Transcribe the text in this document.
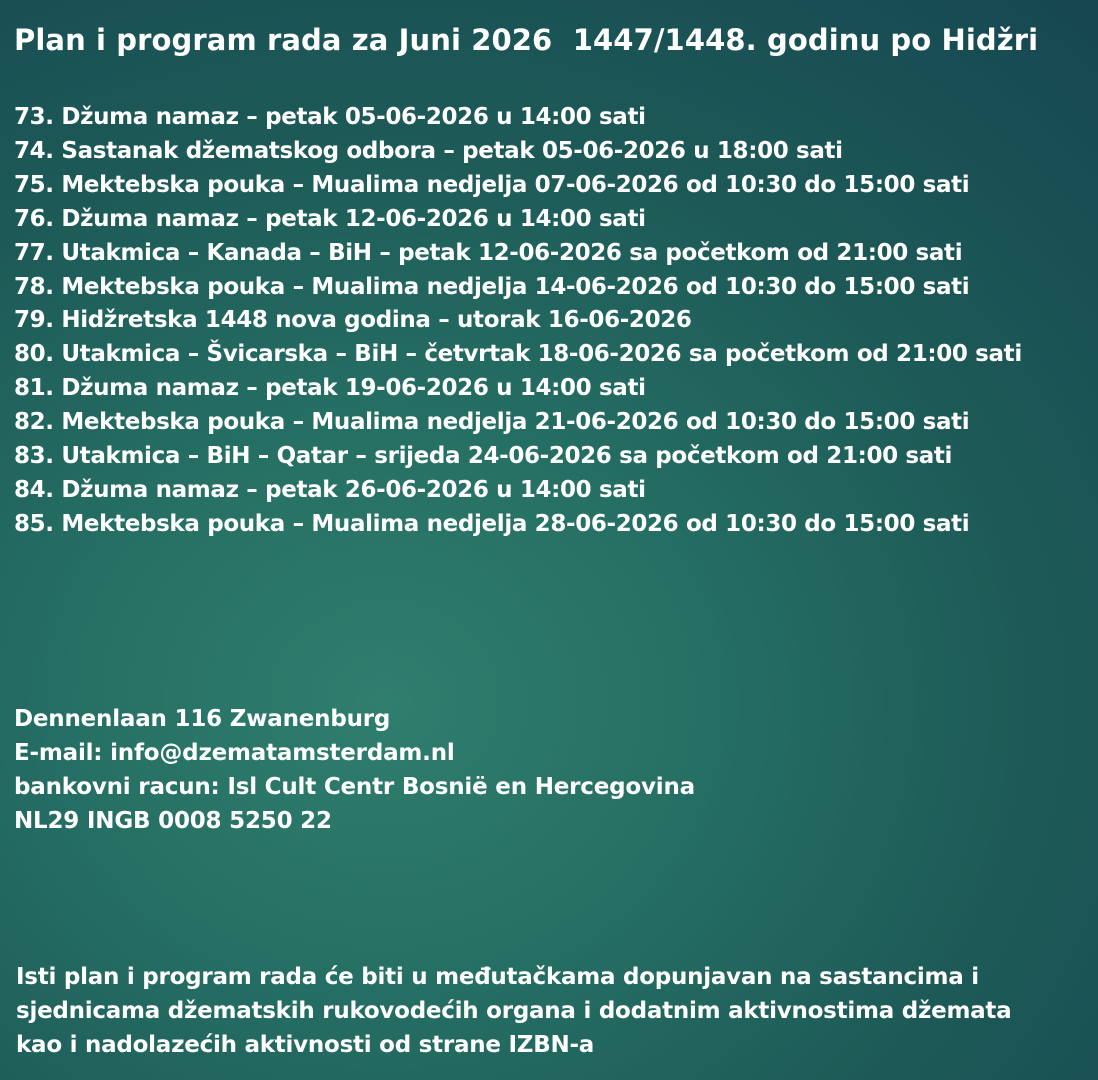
Plan i program rada za Juni 2026  1447/1448. godinu po Hidžri
73. Džuma namaz – petak 05-06-2026 u 14:00 sati
74. Sastanak džematskog odbora – petak 05-06-2026 u 18:00 sati
75. Mektebska pouka – Mualima nedjelja 07-06-2026 od 10:30 do 15:00 sati
76. Džuma namaz – petak 12-06-2026 u 14:00 sati
77. Utakmica – Kanada – BiH – petak 12-06-2026 sa početkom od 21:00 sati
78. Mektebska pouka – Mualima nedjelja 14-06-2026 od 10:30 do 15:00 sati
79. Hidžretska 1448 nova godina – utorak 16-06-2026
80. Utakmica – Švicarska – BiH – četvrtak 18-06-2026 sa početkom od 21:00 sati
81. Džuma namaz – petak 19-06-2026 u 14:00 sati
82. Mektebska pouka – Mualima nedjelja 21-06-2026 od 10:30 do 15:00 sati
83. Utakmica – BiH – Qatar – srijeda 24-06-2026 sa početkom od 21:00 sati
84. Džuma namaz – petak 26-06-2026 u 14:00 sati
85. Mektebska pouka – Mualima nedjelja 28-06-2026 od 10:30 do 15:00 sati
Dennenlaan 116 Zwanenburg
E-mail: info@dzematamsterdam.nl
bankovni racun: Isl Cult Centr Bosnië en Hercegovina
NL29 INGB 0008 5250 22
Isti plan i program rada će biti u međutačkama dopunjavan na sastancima i
sjednicama džematskih rukovodećih organa i dodatnim aktivnostima džemata
kao i nadolazećih aktivnosti od strane IZBN-a
